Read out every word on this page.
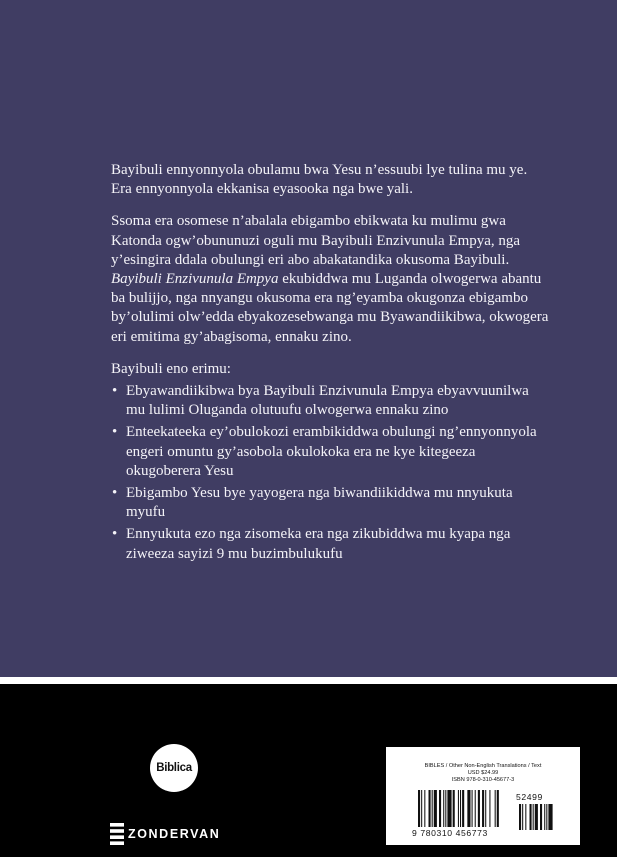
Bayibuli ennyonnyola obulamu bwa Yesu n’essuubi lye tulina mu ye. Era ennyonnyola ekkanisa eyasooka nga bwe yali.

Ssoma era osomese n’abalala ebigambo ebikwata ku mulimu gwa Katonda ogw’obununuzi oguli mu Bayibuli Enzivunula Empya, nga y’esingira ddala obulungi eri abo abakatandika okusoma Bayibuli. Bayibuli Enzivunula Empya ekubiddwa mu Luganda olwogerwa abantu ba bulijjo, nga nnyangu okusoma era ng’eyamba okugonza ebigambo by’olulimi olw’edda ebyakozesebwanga mu Byawandiikibwa, okwogera eri emitima gy’abagisoma, ennaku zino.

Bayibuli eno erimu:

• Ebyawandiikibwa bya Bayibuli Enzivunula Empya ebyavvuunilwa mu lulimi Oluganda olutuufu olwogerwa ennaku zino
• Enteekateeka ey’obulokozi erambikiddwa obulungi ng’ennyonnyola engeri omuntu gy’asobola okulokoka era ne kye kitegeeza okugoberera Yesu
• Ebigambo Yesu bye yayogera nga biwandiikiddwa mu nnyukuta myufu
• Ennyukuta ezo nga zisomeka era nga zikubiddwa mu kyapa nga ziweeza sayizi 9 mu buzimbulukufu
Biblica
ZONDERVAN
BIBLES / Other Non-English Translations / Text
USD $24.99
ISBN 978-0-310-45677-3
9 780310 456773
52499
